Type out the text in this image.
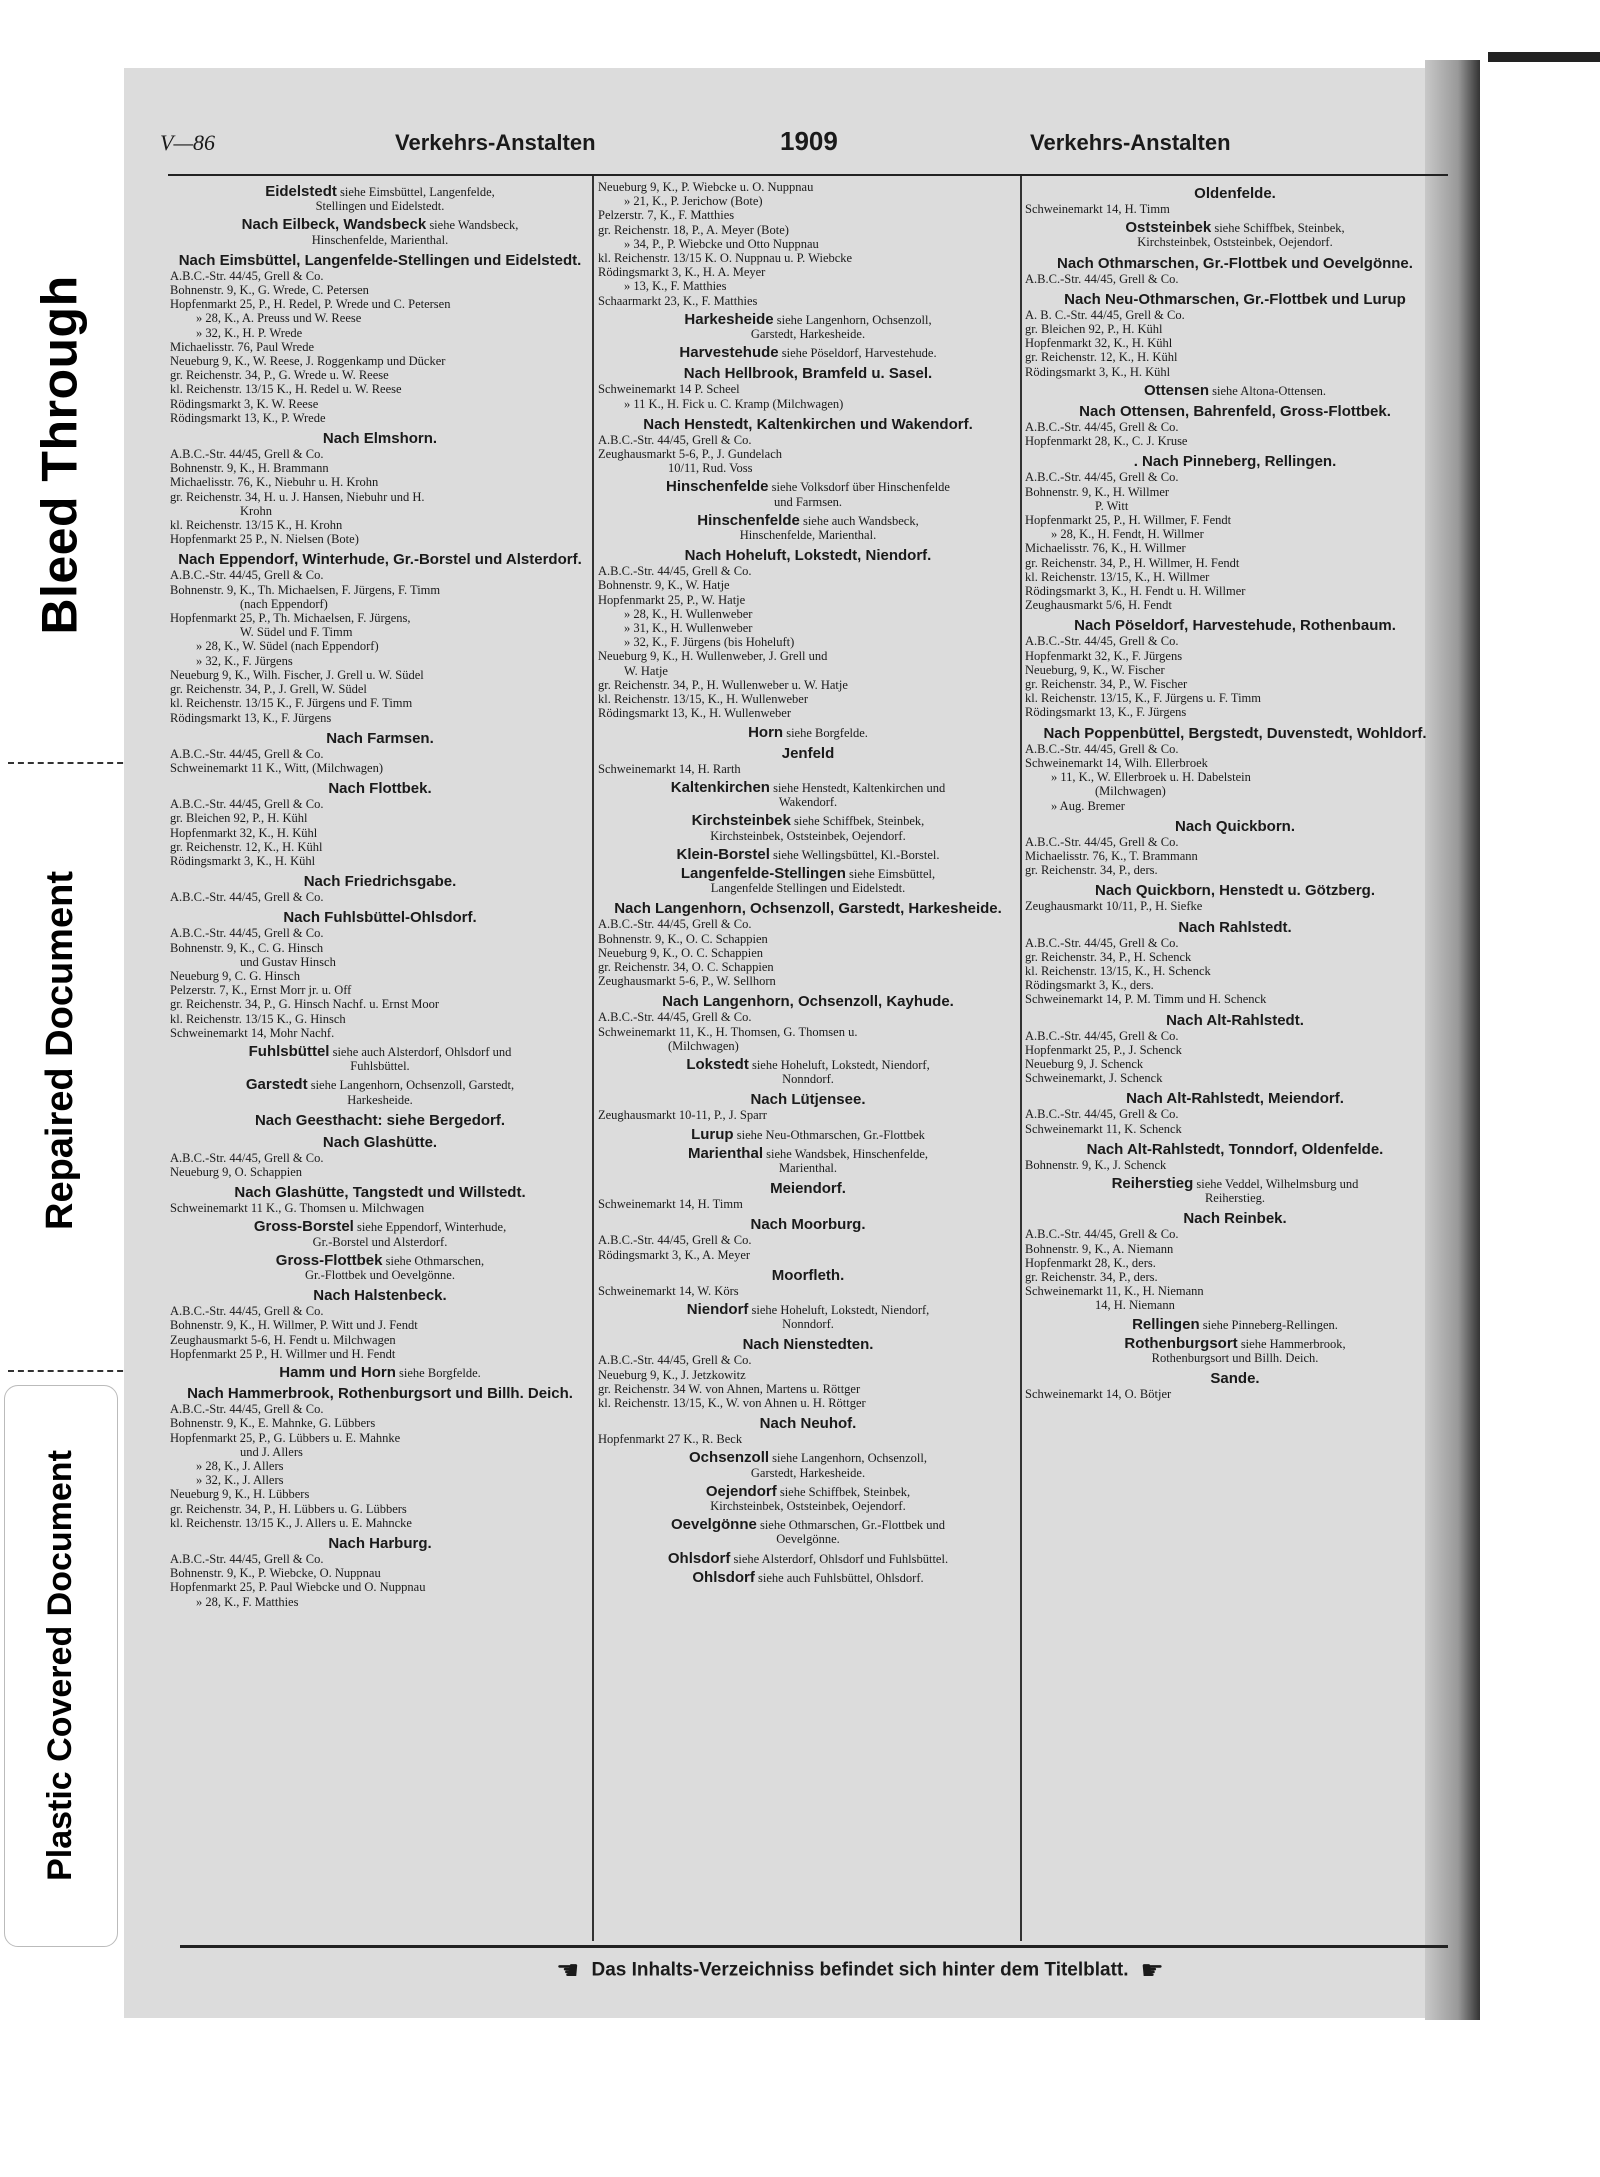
Bleed Through
Repaired Document
Plastic Covered Document
V—86	Verkehrs-Anstalten	1909	Verkehrs-Anstalten
Eidelstedt siehe Eimsbüttel, Langenfelde,
Stellingen und Eidelstedt.
Nach Eilbeck, Wandsbeck siehe Wandsbeck,
Hinschenfelde, Marienthal.
Nach Eimsbüttel, Langenfelde-Stellingen und Eidelstedt.
A.B.C.-Str. 44/45, Grell & Co.
Bohnenstr. 9, K., G. Wrede, C. Petersen
Hopfenmarkt 25, P., H. Redel, P. Wrede und C. Petersen
» 28, K., A. Preuss und W. Reese
» 32, K., H. P. Wrede
Michaelisstr. 76, Paul Wrede
Neueburg 9, K., W. Reese, J. Roggenkamp und Dücker
gr. Reichenstr. 34, P., G. Wrede u. W. Reese
kl. Reichenstr. 13/15 K., H. Redel u. W. Reese
Rödingsmarkt 3, K. W. Reese
Rödingsmarkt 13, K., P. Wrede
Nach Elmshorn.
A.B.C.-Str. 44/45, Grell & Co.
Bohnenstr. 9, K., H. Brammann
Michaelisstr. 76, K., Niebuhr u. H. Krohn
gr. Reichenstr. 34, H. u. J. Hansen, Niebuhr und H.
Krohn
kl. Reichenstr. 13/15 K., H. Krohn
Hopfenmarkt 25 P., N. Nielsen (Bote)
Nach Eppendorf, Winterhude, Gr.-Borstel und Alsterdorf.
A.B.C.-Str. 44/45, Grell & Co.
Bohnenstr. 9, K., Th. Michaelsen, F. Jürgens, F. Timm
(nach Eppendorf)
Hopfenmarkt 25, P., Th. Michaelsen, F. Jürgens,
W. Südel und F. Timm
» 28, K., W. Südel (nach Eppendorf)
» 32, K., F. Jürgens
Neueburg 9, K., Wilh. Fischer, J. Grell u. W. Südel
gr. Reichenstr. 34, P., J. Grell, W. Südel
kl. Reichenstr. 13/15 K., F. Jürgens und F. Timm
Rödingsmarkt 13, K., F. Jürgens
Nach Farmsen.
A.B.C.-Str. 44/45, Grell & Co.
Schweinemarkt 11 K., Witt, (Milchwagen)
Nach Flottbek.
A.B.C.-Str. 44/45, Grell & Co.
gr. Bleichen 92, P., H. Kühl
Hopfenmarkt 32, K., H. Kühl
gr. Reichenstr. 12, K., H. Kühl
Rödingsmarkt 3, K., H. Kühl
Nach Friedrichsgabe.
A.B.C.-Str. 44/45, Grell & Co.
Nach Fuhlsbüttel-Ohlsdorf.
A.B.C.-Str. 44/45, Grell & Co.
Bohnenstr. 9, K., C. G. Hinsch
und Gustav Hinsch
Neueburg 9, C. G. Hinsch
Pelzerstr. 7, K., Ernst Morr jr. u. Off
gr. Reichenstr. 34, P., G. Hinsch Nachf. u. Ernst Moor
kl. Reichenstr. 13/15 K., G. Hinsch
Schweinemarkt 14, Mohr Nachf.
Fuhlsbüttel siehe auch Alsterdorf, Ohlsdorf und
Fuhlsbüttel.
Garstedt siehe Langenhorn, Ochsenzoll, Garstedt,
Harkesheide.
Nach Geesthacht: siehe Bergedorf.
Nach Glashütte.
A.B.C.-Str. 44/45, Grell & Co.
Neueburg 9, O. Schappien
Nach Glashütte, Tangstedt und Willstedt.
Schweinemarkt 11 K., G. Thomsen u. Milchwagen
Gross-Borstel siehe Eppendorf, Winterhude,
Gr.-Borstel und Alsterdorf.
Gross-Flottbek siehe Othmarschen,
Gr.-Flottbek und Oevelgönne.
Nach Halstenbeck.
A.B.C.-Str. 44/45, Grell & Co.
Bohnenstr. 9, K., H. Willmer, P. Witt und J. Fendt
Zeughausmarkt 5-6, H. Fendt u. Milchwagen
Hopfenmarkt 25 P., H. Willmer und H. Fendt
Hamm und Horn siehe Borgfelde.
Nach Hammerbrook, Rothenburgsort und Billh. Deich.
A.B.C.-Str. 44/45, Grell & Co.
Bohnenstr. 9, K., E. Mahnke, G. Lübbers
Hopfenmarkt 25, P., G. Lübbers u. E. Mahnke
und J. Allers
» 28, K., J. Allers
» 32, K., J. Allers
Neueburg 9, K., H. Lübbers
gr. Reichenstr. 34, P., H. Lübbers u. G. Lübbers
kl. Reichenstr. 13/15 K., J. Allers u. E. Mahncke
Nach Harburg.
A.B.C.-Str. 44/45, Grell & Co.
Bohnenstr. 9, K., P. Wiebcke, O. Nuppnau
Hopfenmarkt 25, P. Paul Wiebcke und O. Nuppnau
» 28, K., F. Matthies
Neueburg 9, K., P. Wiebcke u. O. Nuppnau
» 21, K., P. Jerichow (Bote)
Pelzerstr. 7, K., F. Matthies
gr. Reichenstr. 18, P., A. Meyer (Bote)
» 34, P., P. Wiebcke und Otto Nuppnau
kl. Reichenstr. 13/15 K. O. Nuppnau u. P. Wiebcke
Rödingsmarkt 3, K., H. A. Meyer
» 13, K., F. Matthies
Schaarmarkt 23, K., F. Matthies
Harkesheide siehe Langenhorn, Ochsenzoll,
Garstedt, Harkesheide.
Harvestehude siehe Pöseldorf, Harvestehude.
Nach Hellbrook, Bramfeld u. Sasel.
Schweinemarkt 14 P. Scheel
» 11 K., H. Fick u. C. Kramp (Milchwagen)
Nach Henstedt, Kaltenkirchen und Wakendorf.
A.B.C.-Str. 44/45, Grell & Co.
Zeughausmarkt 5-6, P., J. Gundelach
10/11, Rud. Voss
Hinschenfelde siehe Volksdorf über Hinschenfelde
und Farmsen.
Hinschenfelde siehe auch Wandsbeck,
Hinschenfelde, Marienthal.
Nach Hoheluft, Lokstedt, Niendorf.
A.B.C.-Str. 44/45, Grell & Co.
Bohnenstr. 9, K., W. Hatje
Hopfenmarkt 25, P., W. Hatje
» 28, K., H. Wullenweber
» 31, K., H. Wullenweber
» 32, K., F. Jürgens (bis Hoheluft)
Neueburg 9, K., H. Wullenweber, J. Grell und
W. Hatje
gr. Reichenstr. 34, P., H. Wullenweber u. W. Hatje
kl. Reichenstr. 13/15, K., H. Wullenweber
Rödingsmarkt 13, K., H. Wullenweber
Horn siehe Borgfelde.
Jenfeld
Schweinemarkt 14, H. Rarth
Kaltenkirchen siehe Henstedt, Kaltenkirchen und
Wakendorf.
Kirchsteinbek siehe Schiffbek, Steinbek,
Kirchsteinbek, Oststeinbek, Oejendorf.
Klein-Borstel siehe Wellingsbüttel, Kl.-Borstel.
Langenfelde-Stellingen siehe Eimsbüttel,
Langenfelde Stellingen und Eidelstedt.
Nach Langenhorn, Ochsenzoll, Garstedt, Harkesheide.
A.B.C.-Str. 44/45, Grell & Co.
Bohnenstr. 9, K., O. C. Schappien
Neueburg 9, K., O. C. Schappien
gr. Reichenstr. 34, O. C. Schappien
Zeughausmarkt 5-6, P., W. Sellhorn
Nach Langenhorn, Ochsenzoll, Kayhude.
A.B.C.-Str. 44/45, Grell & Co.
Schweinemarkt 11, K., H. Thomsen, G. Thomsen u.
(Milchwagen)
Lokstedt siehe Hoheluft, Lokstedt, Niendorf,
Nonndorf.
Nach Lütjensee.
Zeughausmarkt 10-11, P., J. Sparr
Lurup siehe Neu-Othmarschen, Gr.-Flottbek
Marienthal siehe Wandsbek, Hinschenfelde,
Marienthal.
Meiendorf.
Schweinemarkt 14, H. Timm
Nach Moorburg.
A.B.C.-Str. 44/45, Grell & Co.
Rödingsmarkt 3, K., A. Meyer
Moorfleth.
Schweinemarkt 14, W. Körs
Niendorf siehe Hoheluft, Lokstedt, Niendorf,
Nonndorf.
Nach Nienstedten.
A.B.C.-Str. 44/45, Grell & Co.
Neueburg 9, K., J. Jetzkowitz
gr. Reichenstr. 34 W. von Ahnen, Martens u. Röttger
kl. Reichenstr. 13/15, K., W. von Ahnen u. H. Röttger
Nach Neuhof.
Hopfenmarkt 27 K., R. Beck
Ochsenzoll siehe Langenhorn, Ochsenzoll,
Garstedt, Harkesheide.
Oejendorf siehe Schiffbek, Steinbek,
Kirchsteinbek, Oststeinbek, Oejendorf.
Oevelgönne siehe Othmarschen, Gr.-Flottbek und
Oevelgönne.
Ohlsdorf siehe Alsterdorf, Ohlsdorf und Fuhlsbüttel.
Ohlsdorf siehe auch Fuhlsbüttel, Ohlsdorf.
Oldenfelde.
Schweinemarkt 14, H. Timm
Oststeinbek siehe Schiffbek, Steinbek,
Kirchsteinbek, Oststeinbek, Oejendorf.
Nach Othmarschen, Gr.-Flottbek und Oevelgönne.
A.B.C.-Str. 44/45, Grell & Co.
Nach Neu-Othmarschen, Gr.-Flottbek und Lurup
A. B. C.-Str. 44/45, Grell & Co.
gr. Bleichen 92, P., H. Kühl
Hopfenmarkt 32, K., H. Kühl
gr. Reichenstr. 12, K., H. Kühl
Rödingsmarkt 3, K., H. Kühl
Ottensen siehe Altona-Ottensen.
Nach Ottensen, Bahrenfeld, Gross-Flottbek.
A.B.C.-Str. 44/45, Grell & Co.
Hopfenmarkt 28, K., C. J. Kruse
. Nach Pinneberg, Rellingen.
A.B.C.-Str. 44/45, Grell & Co.
Bohnenstr. 9, K., H. Willmer
P. Witt
Hopfenmarkt 25, P., H. Willmer, F. Fendt
» 28, K., H. Fendt, H. Willmer
Michaelisstr. 76, K., H. Willmer
gr. Reichenstr. 34, P., H. Willmer, H. Fendt
kl. Reichenstr. 13/15, K., H. Willmer
Rödingsmarkt 3, K., H. Fendt u. H. Willmer
Zeughausmarkt 5/6, H. Fendt
Nach Pöseldorf, Harvestehude, Rothenbaum.
A.B.C.-Str. 44/45, Grell & Co.
Hopfenmarkt 32, K., F. Jürgens
Neueburg, 9, K., W. Fischer
gr. Reichenstr. 34, P., W. Fischer
kl. Reichenstr. 13/15, K., F. Jürgens u. F. Timm
Rödingsmarkt 13, K., F. Jürgens
Nach Poppenbüttel, Bergstedt, Duvenstedt, Wohldorf.
A.B.C.-Str. 44/45, Grell & Co.
Schweinemarkt 14, Wilh. Ellerbroek
» 11, K., W. Ellerbroek u. H. Dabelstein
(Milchwagen)
» Aug. Bremer
Nach Quickborn.
A.B.C.-Str. 44/45, Grell & Co.
Michaelisstr. 76, K., T. Brammann
gr. Reichenstr. 34, P., ders.
Nach Quickborn, Henstedt u. Götzberg.
Zeughausmarkt 10/11, P., H. Siefke
Nach Rahlstedt.
A.B.C.-Str. 44/45, Grell & Co.
gr. Reichenstr. 34, P., H. Schenck
kl. Reichenstr. 13/15, K., H. Schenck
Rödingsmarkt 3, K., ders.
Schweinemarkt 14, P. M. Timm und H. Schenck
Nach Alt-Rahlstedt.
A.B.C.-Str. 44/45, Grell & Co.
Hopfenmarkt 25, P., J. Schenck
Neueburg 9, J. Schenck
Schweinemarkt, J. Schenck
Nach Alt-Rahlstedt, Meiendorf.
A.B.C.-Str. 44/45, Grell & Co.
Schweinemarkt 11, K. Schenck
Nach Alt-Rahlstedt, Tonndorf, Oldenfelde.
Bohnenstr. 9, K., J. Schenck
Reiherstieg siehe Veddel, Wilhelmsburg und
Reiherstieg.
Nach Reinbek.
A.B.C.-Str. 44/45, Grell & Co.
Bohnenstr. 9, K., A. Niemann
Hopfenmarkt 28, K., ders.
gr. Reichenstr. 34, P., ders.
Schweinemarkt 11, K., H. Niemann
14, H. Niemann
Rellingen siehe Pinneberg-Rellingen.
Rothenburgsort siehe Hammerbrook,
Rothenburgsort und Billh. Deich.
Sande.
Schweinemarkt 14, O. Bötjer
☛ Das Inhalts-Verzeichniss befindet sich hinter dem Titelblatt. ☛
